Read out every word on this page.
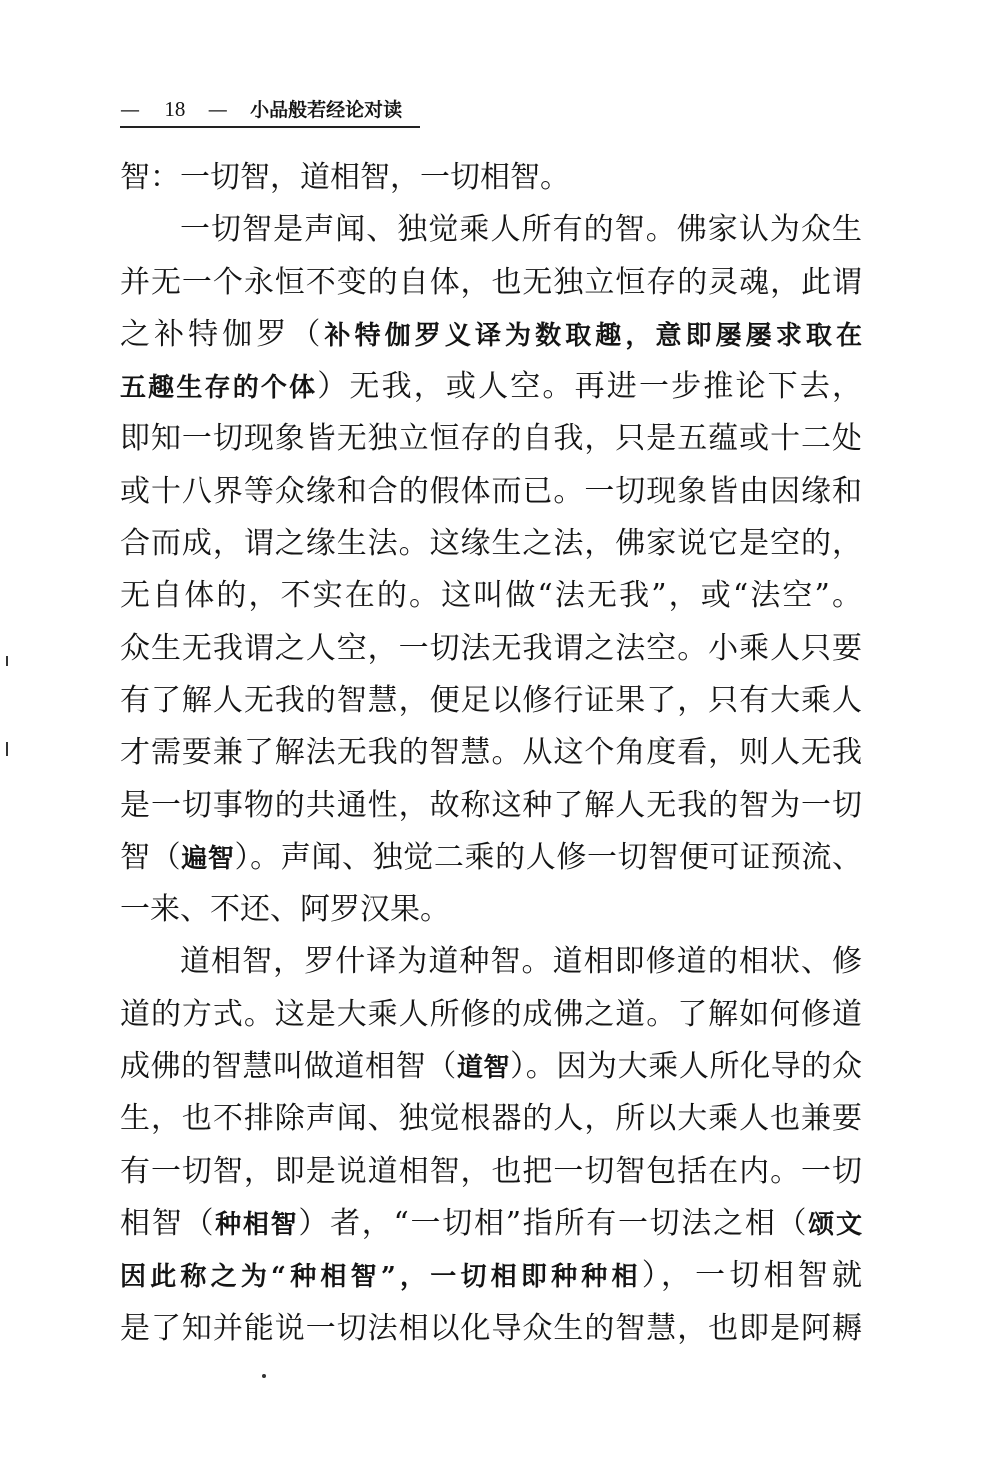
— 18 — 小品般若经论对读
智：一切智，道相智，一切相智。
一切智是声闻、独觉乘人所有的智。佛家认为众生
并无一个永恒不变的自体，也无独立恒存的灵魂，此谓
之补特伽罗（补特伽罗义译为数取趣，意即屡屡求取在
五趣生存的个体）无我，或人空。再进一步推论下去，
即知一切现象皆无独立恒存的自我，只是五蕴或十二处
或十八界等众缘和合的假体而已。一切现象皆由因缘和
合而成，谓之缘生法。这缘生之法，佛家说它是空的，
无自体的，不实在的。这叫做“法无我”，或“法空”。
众生无我谓之人空，一切法无我谓之法空。小乘人只要
有了解人无我的智慧，便足以修行证果了，只有大乘人
才需要兼了解法无我的智慧。从这个角度看，则人无我
是一切事物的共通性，故称这种了解人无我的智为一切
智（遍智）。声闻、独觉二乘的人修一切智便可证预流、
一来、不还、阿罗汉果。
道相智，罗什译为道种智。道相即修道的相状、修
道的方式。这是大乘人所修的成佛之道。了解如何修道
成佛的智慧叫做道相智（道智）。因为大乘人所化导的众
生，也不排除声闻、独觉根器的人，所以大乘人也兼要
有一切智，即是说道相智，也把一切智包括在内。一切
相智（种相智）者，“一切相”指所有一切法之相（颂文
因此称之为“种相智”，一切相即种种相），一切相智就
是了知并能说一切法相以化导众生的智慧，也即是阿耨
